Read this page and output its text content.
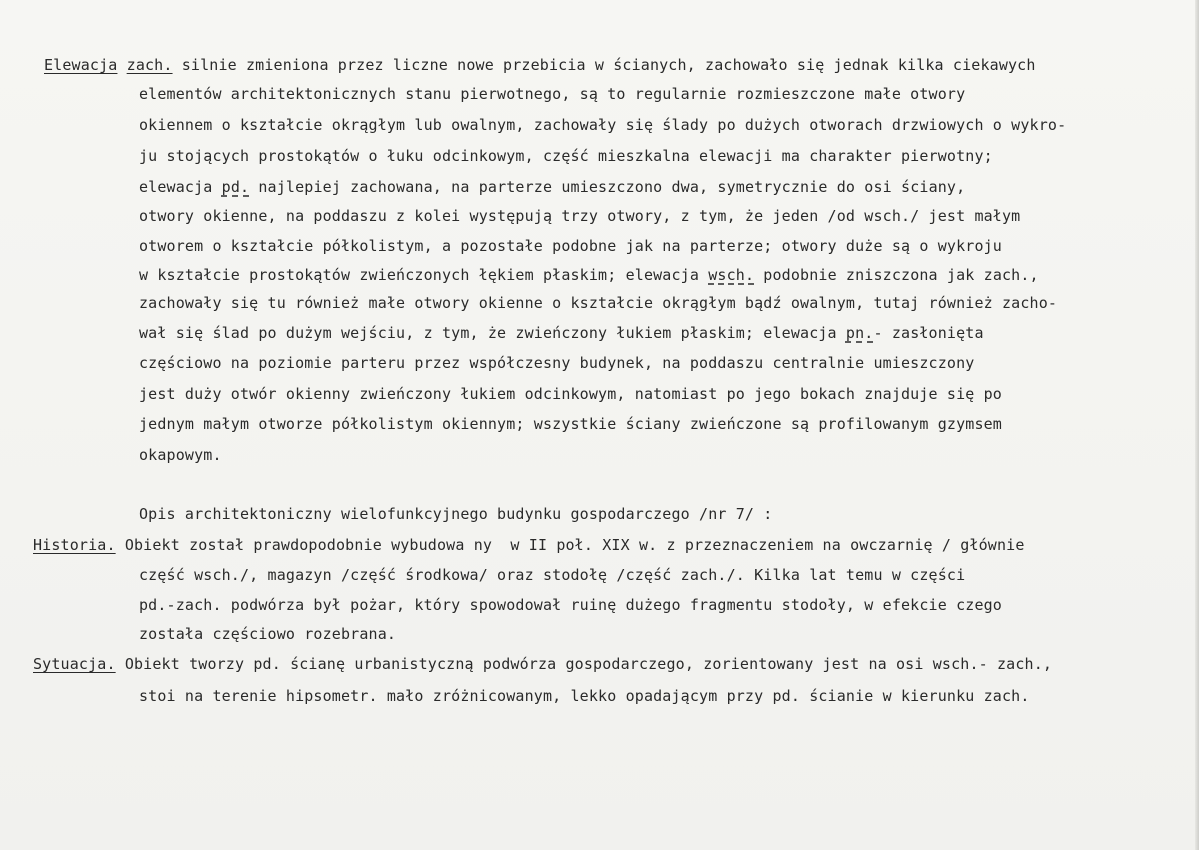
Elewacja zach. silnie zmieniona przez liczne nowe przebicia w ścianych, zachowało się jednak kilka ciekawych
elementów architektonicznych stanu pierwotnego, są to regularnie rozmieszczone małe otwory
okiennem o kształcie okrągłym lub owalnym, zachowały się ślady po dużych otworach drzwiowych o wykro-
ju stojących prostokątów o łuku odcinkowym, część mieszkalna elewacji ma charakter pierwotny;
elewacja pd. najlepiej zachowana, na parterze umieszczono dwa, symetrycznie do osi ściany,
otwory okienne, na poddaszu z kolei występują trzy otwory, z tym, że jeden /od wsch./ jest małym
otworem o kształcie półkolistym, a pozostałe podobne jak na parterze; otwory duże są o wykroju
w kształcie prostokątów zwieńczonych łękiem płaskim; elewacja wsch. podobnie zniszczona jak zach.,
zachowały się tu również małe otwory okienne o kształcie okrągłym bądź owalnym, tutaj również zacho-
wał się ślad po dużym wejściu, z tym, że zwieńczony łukiem płaskim; elewacja pn.- zasłonięta
częściowo na poziomie parteru przez współczesny budynek, na poddaszu centralnie umieszczony
jest duży otwór okienny zwieńczony łukiem odcinkowym, natomiast po jego bokach znajduje się po
jednym małym otworze półkolistym okiennym; wszystkie ściany zwieńczone są profilowanym gzymsem
okapowym.
Opis architektoniczny wielofunkcyjnego budynku gospodarczego /nr 7/ :
Historia. Obiekt został prawdopodobnie wybudowa ny  w II poł. XIX w. z przeznaczeniem na owczarnię / głównie
część wsch./, magazyn /część środkowa/ oraz stodołę /część zach./. Kilka lat temu w części
pd.-zach. podwórza był pożar, który spowodował ruinę dużego fragmentu stodoły, w efekcie czego
została częściowo rozebrana.
Sytuacja. Obiekt tworzy pd. ścianę urbanistyczną podwórza gospodarczego, zorientowany jest na osi wsch.- zach.,
stoi na terenie hipsometr. mało zróżnicowanym, lekko opadającym przy pd. ścianie w kierunku zach.
